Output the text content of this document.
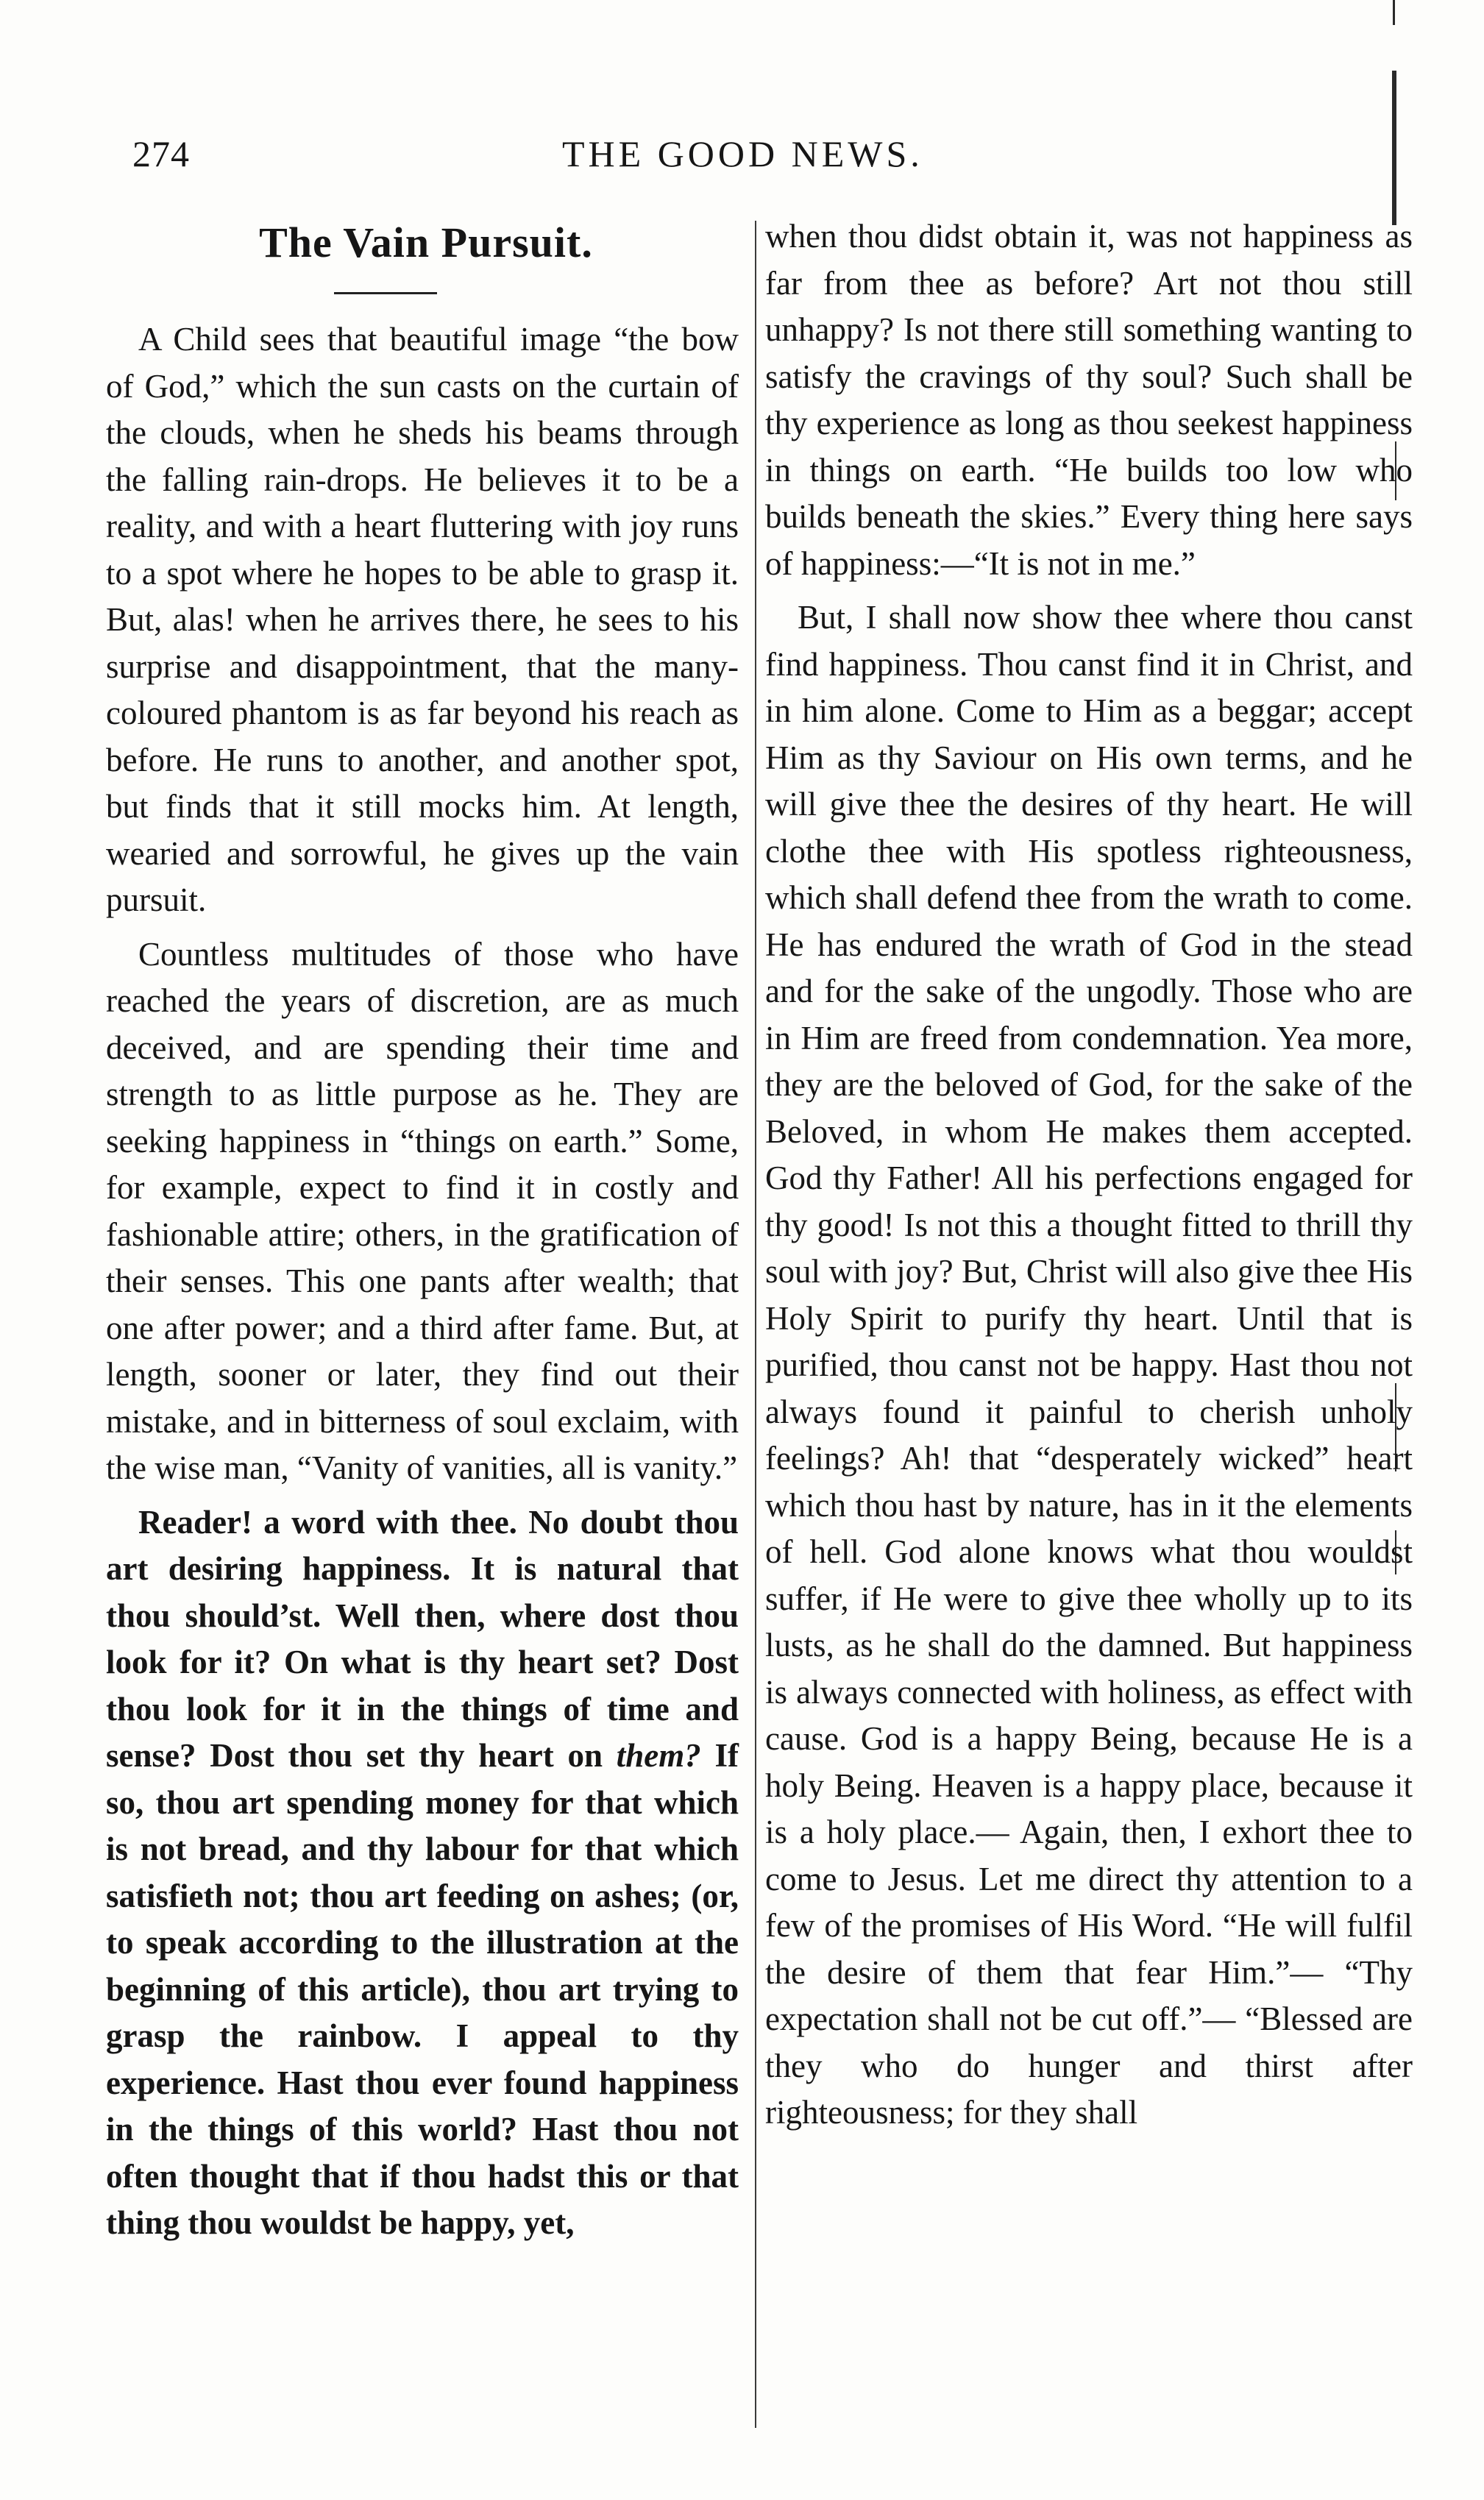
274	THE GOOD NEWS.
The Vain Pursuit.

A Child sees that beautiful image “the bow of God,” which the sun casts on the curtain of the clouds, when he sheds his beams through the falling rain-drops. He believes it to be a reality, and with a heart fluttering with joy runs to a spot where he hopes to be able to grasp it. But, alas! when he arrives there, he sees to his surprise and disappointment, that the many-coloured phantom is as far beyond his reach as before. He runs to another, and another spot, but finds that it still mocks him. At length, wearied and sorrowful, he gives up the vain pursuit.

Countless multitudes of those who have reached the years of discretion, are as much deceived, and are spending their time and strength to as little purpose as he. They are seeking happiness in “things on earth.” Some, for example, expect to find it in costly and fashionable attire; others, in the gratification of their senses. This one pants after wealth; that one after power; and a third after fame. But, at length, sooner or later, they find out their mistake, and in bitterness of soul exclaim, with the wise man, “Vanity of vanities, all is vanity.”

Reader! a word with thee. No doubt thou art desiring happiness. It is natural that thou should’st. Well then, where dost thou look for it? On what is thy heart set? Dost thou look for it in the things of time and sense? Dost thou set thy heart on them? If so, thou art spending money for that which is not bread, and thy labour for that which satisfieth not; thou art feeding on ashes; (or, to speak according to the illustration at the beginning of this article), thou art trying to grasp the rainbow. I appeal to thy experience. Hast thou ever found happiness in the things of this world? Hast thou not often thought that if thou hadst this or that thing thou wouldst be happy, yet,

when thou didst obtain it, was not happiness as far from thee as before? Art not thou still unhappy? Is not there still something wanting to satisfy the cravings of thy soul? Such shall be thy experience as long as thou seekest happiness in things on earth. “He builds too low who builds beneath the skies.” Every thing here says of happiness:—“It is not in me.”

But, I shall now show thee where thou canst find happiness. Thou canst find it in Christ, and in him alone. Come to Him as a beggar; accept Him as thy Saviour on His own terms, and he will give thee the desires of thy heart. He will clothe thee with His spotless righteousness, which shall defend thee from the wrath to come. He has endured the wrath of God in the stead and for the sake of the ungodly. Those who are in Him are freed from condemnation. Yea more, they are the beloved of God, for the sake of the Beloved, in whom He makes them accepted. God thy Father! All his perfections engaged for thy good! Is not this a thought fitted to thrill thy soul with joy? But, Christ will also give thee His Holy Spirit to purify thy heart. Until that is purified, thou canst not be happy. Hast thou not always found it painful to cherish unholy feelings? Ah! that “desperately wicked” heart which thou hast by nature, has in it the elements of hell. God alone knows what thou wouldst suffer, if He were to give thee wholly up to its lusts, as he shall do the damned. But happiness is always connected with holiness, as effect with cause. God is a happy Being, because He is a holy Being. Heaven is a happy place, because it is a holy place.— Again, then, I exhort thee to come to Jesus. Let me direct thy attention to a few of the promises of His Word. “He will fulfil the desire of them that fear Him.”— “Thy expectation shall not be cut off.”— “Blessed are they who do hunger and thirst after righteousness; for they shall
